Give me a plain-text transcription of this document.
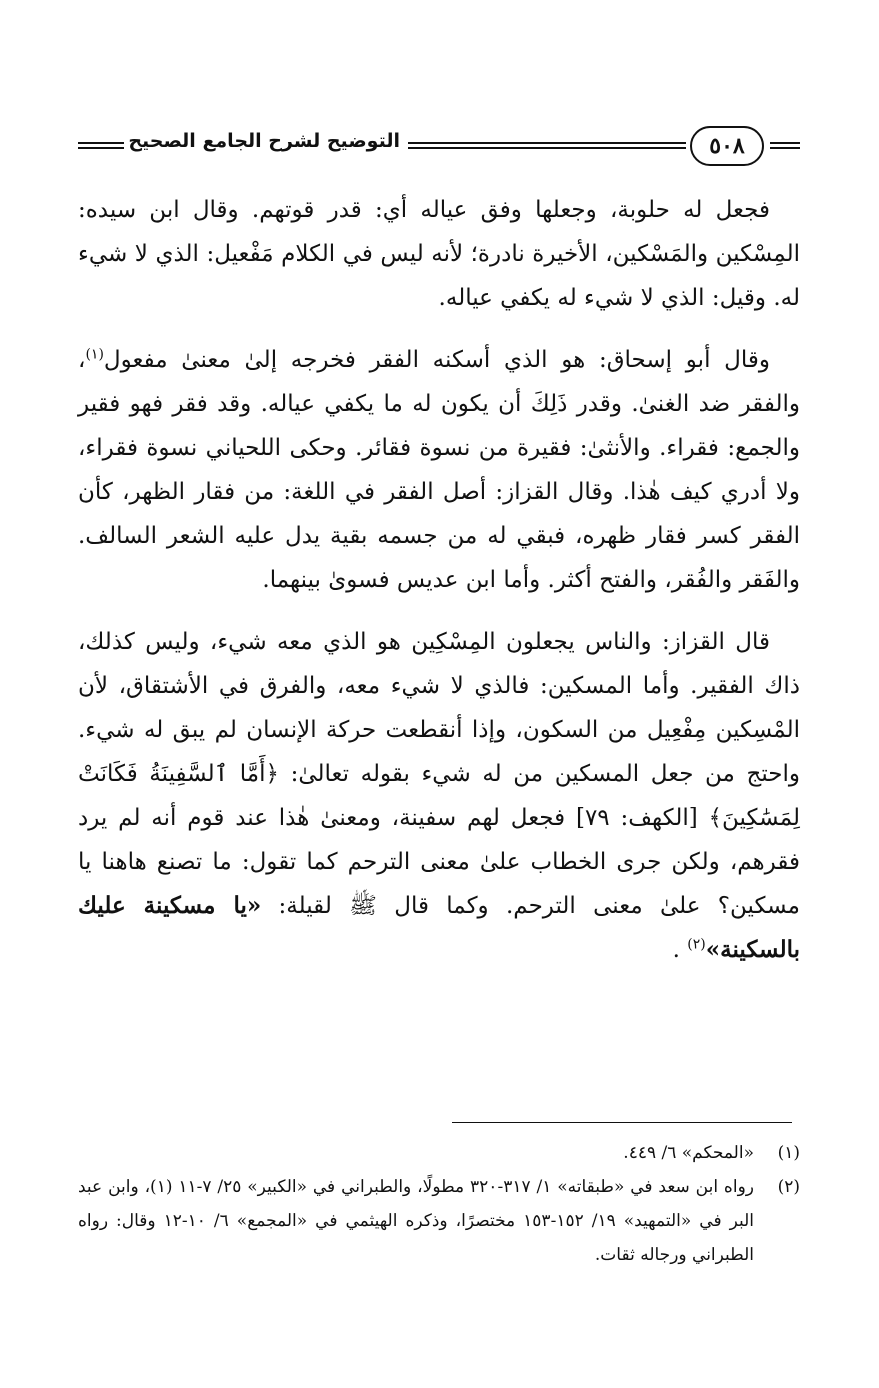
التوضيح لشرح الجامع الصحيح	٥٠٨

فجعل له حلوبة، وجعلها وفق عياله أي: قدر قوتهم. وقال ابن سيده: المِسْكين والمَسْكين، الأخيرة نادرة؛ لأنه ليس في الكلام مَفْعيل: الذي لا شيء له. وقيل: الذي لا شيء له يكفي عياله.

وقال أبو إسحاق: هو الذي أسكنه الفقر فخرجه إلىٰ معنىٰ مفعول$^{(١)}$، والفقر ضد الغنىٰ. وقدر ذَلِكَ أن يكون له ما يكفي عياله. وقد فقر فهو فقير والجمع: فقراء. والأنثىٰ: فقيرة من نسوة فقائر. وحكى اللحياني نسوة فقراء، ولا أدري كيف هٰذا. وقال القزاز: أصل الفقر في اللغة: من فقار الظهر، كأن الفقر كسر فقار ظهره، فبقي له من جسمه بقية يدل عليه الشعر السالف. والفَقر والفُقر، والفتح أكثر. وأما ابن عديس فسوىٰ بينهما.

قال القزاز: والناس يجعلون المِسْكِين هو الذي معه شيء، وليس كذلك، ذاك الفقير. وأما المسكين: فالذي لا شيء معه، والفرق في الأشتقاق، لأن المْسِكين مِفْعِيل من السكون، وإذا أنقطعت حركة الإنسان لم يبق له شيء. واحتج من جعل المسكين من له شيء بقوله تعالىٰ: ﴿أَمَّا ٱلسَّفِينَةُ فَكَانَتْ لِمَسَٰكِينَ﴾ [الكهف: ٧٩] فجعل لهم سفينة، ومعنىٰ هٰذا عند قوم أنه لم يرد فقرهم، ولكن جرى الخطاب علىٰ معنى الترحم كما تقول: ما تصنع هاهنا يا مسكين؟ علىٰ معنى الترحم. وكما قال ﷺ لقيلة: «يا مسكينة عليك بالسكينة»$^{(٢)}$ .

(١)
«المحكم» ٦/ ٤٤٩.
(٢)
رواه ابن سعد في «طبقاته» ١/ ٣١٧-٣٢٠ مطولًا، والطبراني في «الكبير» ٢٥/ ٧-١١ (١)، وابن عبد البر في «التمهيد» ١٩/ ١٥٢-١٥٣ مختصرًا، وذكره الهيثمي في «المجمع» ٦/ ١٠-١٢ وقال: رواه الطبراني ورجاله ثقات.
